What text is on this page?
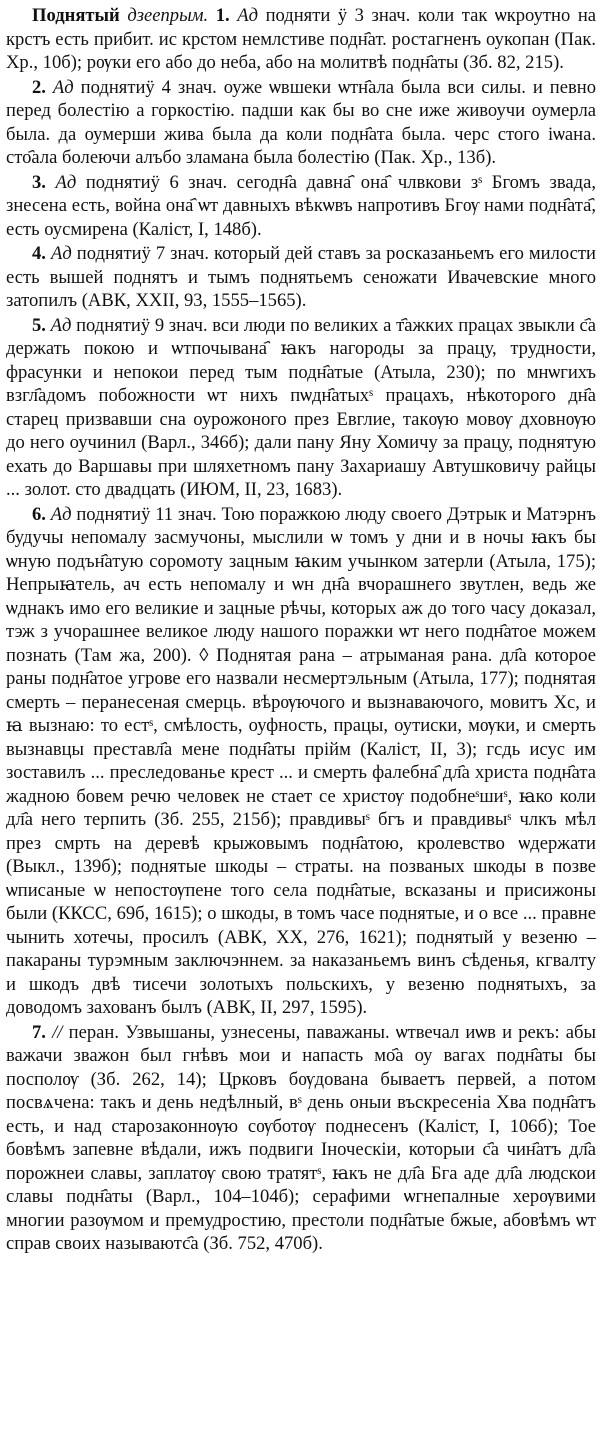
Поднятый дзеeпрым. 1. Ад подняти ÿ 3 знач. коли так ѡкроутно на крстъ есть прибит. ис крстом немлстиве подн҄ат. ростагненъ оукопан (Пак. Хр., 10б); рѹки его або до неба, або на молитвѣ подн҄аты (Зб. 82, 215).

2. Ад поднятиÿ 4 знач. оуже ѡвшеки ѡтн҄ала была вси силы. и певно перед болестію а горкостію. падши как бы во сне иже живоучи оумерла была. да оумерши жива была да коли подн҄ата была. черс стого іѡана. сто҄ала болеючи алъбо зламана была болестію (Пак. Хр., 13б).

3. Ад поднятиÿ 6 знач. сегодн҄а давна҄ она҄ члвкови зˢ Бгомъ звада, знесена есть, война она҄ ѡт давныхъ вѣкѡвъ напротивъ Бгѹ нами подн҄ата҄, есть оусмирена (Каліст, I, 148б).

4. Ад поднятиÿ 7 знач. который дей ставъ за росказаньемъ его милости есть вышей поднятъ и тымъ поднятьемъ сеножати Ивачевские много затопилъ (АВК, XXII, 93, 1555–1565).

5. Ад поднятиÿ 9 знач. вси люди по великих а т҄ажких працах звыкли с҄а держать покою и ѡтпочывана҄ ꙗкъ нагороды за працу, трудности, фрасунки и непокои перед тым подн҄атые (Атыла, 230); по мнѡгихъ взгл҄адомъ побожности ѡт нихъ пѡдн҄атыхˢ працахъ, нѣкоторого дн҄а старец призвавши сна оурожоного през Евглие, такѹю мовѹ дховнѹю до него оучинил (Варл., 346б); дали пану Яну Хомичу за працу, поднятую ехать до Варшавы при шляхетномъ пану Захариашу Автушковичу райцы ... золот. сто двадцать (ИЮМ, II, 23, 1683).

6. Ад поднятиÿ 11 знач. Тою поражкою люду своего Дэтрык и Матэрнъ будучы непомалу засмучоны, мыслили ѡ томъ у дни и в ночы ꙗкъ бы ѡную подън҄атую соромоту зацным ꙗким учынком затерли (Атыла, 175); Непрыꙗтель, ач есть непомалу и ѡн дн҄а вчорашнего звутлен, ведь же ѡднакъ имо его великие и зацные рѣчы, которых аж до того часу доказал, тэж з учорашнее великое люду нашого поражки ѡт него подн҄атое можем познать (Там жа, 200). ◊ Поднятая рана – атрыманая рана. дл҄а которое раны подн҄атое угрове его назвали несмертэльным (Атыла, 177); поднятая смерть – перанесеная смерць. вѣрѹючого и вызнаваючого, мовитъ Хс, и ꙗ вызнаю: то естˢ, смѣлость, оуфность, працы, оутиски, мѹки, и смерть вызнавцы преставл҄а мене подн҄аты прійм (Каліст, II, 3); гсдь исус им зоставилъ ... преследованье крест ... и смерть фалебна҄ дл҄а христа подн҄ата жадною бовем речю человек не стает се христѹ подобнеˢшиˢ, ꙗко коли дл҄а него терпить (Зб. 255, 215б); правдивыˢ бгъ и правдивыˢ члкъ мѣл през смрть на деревѣ крыжовымъ подн҄атою, кролевство ѡдержати (Выкл., 139б); поднятые шкоды – страты. на позваных шкоды в позве ѡписаные ѡ непостѹпене того села подн҄атые, всказаны и присижоны были (ККСС, 69б, 1615); о шкоды, в томъ часе поднятые, и о все ... правне чынить хотечы, просилъ (АВК, XX, 276, 1621); поднятый у везеню – пакараны турэмным заключэннем. за наказаньемъ винъ сѣденья, кгвалту и шкодъ двѣ тисечи золотыхъ польскихъ, у везеню поднятыхъ, за доводомъ захованъ былъ (АВК, II, 297, 1595).

7. // перан. Узвышаны, узнесены, паважаны. ѡтвечал иѡв и рекъ: абы важачи зважон был гнѣвъ мои и напасть мо҄а оу вагах подн҄аты бы посполѹ (Зб. 262, 14); Црковъ бѹдована бываетъ первей, а потом посвѧчена: такъ и день недѣлный, вˢ день оныи въскресеніа Хва подн҄атъ есть, и над старозаконнѹю сѹботѹ поднесенъ (Каліст, I, 106б); Тое бовѣмъ запевне вѣдали, ижъ подвиги Іноческіи, которыи с҄а чин҄атъ дл҄а порожнеи славы, заплатѹ свою тратятˢ, ꙗкъ не дл҄а Бга аде дл҄а людскои славы подн҄аты (Варл., 104–104б); серафими ѡгнепалные херѹвими многии разѹмом и премудростию, престоли подн҄атые бжые, абовѣмъ ѡт справ своих называютс҄а (Зб. 752, 470б).
